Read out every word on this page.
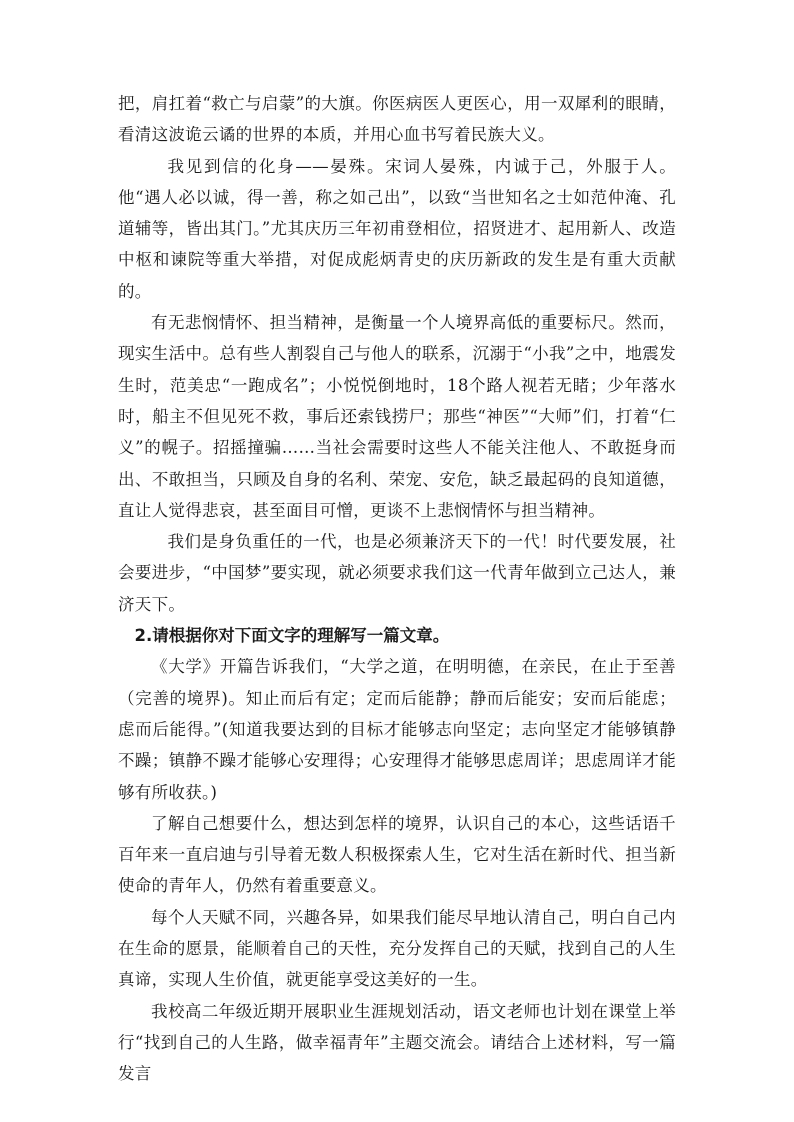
把，肩扛着“救亡与启蒙”的大旗。你医病医人更医心，用一双犀利的眼睛，看清这波诡云谲的世界的本质，并用心血书写着民族大义。

我见到信的化身——晏殊。宋词人晏殊，内诚于己，外服于人。他“遇人必以诚，得一善，称之如己出”，以致“当世知名之士如范仲淹、孔道辅等，皆出其门。”尤其庆历三年初甫登相位，招贤进才、起用新人、改造中枢和谏院等重大举措，对促成彪炳青史的庆历新政的发生是有重大贡献的。

有无悲悯情怀、担当精神，是衡量一个人境界高低的重要标尺。然而，现实生活中。总有些人割裂自己与他人的联系，沉溺于“小我”之中，地震发生时，范美忠“一跑成名”；小悦悦倒地时，18个路人视若无睹；少年落水时，船主不但见死不救，事后还索钱捞尸；那些“神医”“大师”们，打着“仁义”的幌子。招摇撞骗……当社会需要时这些人不能关注他人、不敢挺身而出、不敢担当，只顾及自身的名利、荣宠、安危，缺乏最起码的良知道德，直让人觉得悲哀，甚至面目可憎，更谈不上悲悯情怀与担当精神。

我们是身负重任的一代，也是必须兼济天下的一代！时代要发展，社会要进步，“中国梦”要实现，就必须要求我们这一代青年做到立己达人，兼济天下。

2.请根据你对下面文字的理解写一篇文章。

《大学》开篇告诉我们，“大学之道，在明明德，在亲民，在止于至善（完善的境界)。知止而后有定；定而后能静；静而后能安；安而后能虑；虑而后能得。”(知道我要达到的目标才能够志向坚定；志向坚定才能够镇静不躁；镇静不躁才能够心安理得；心安理得才能够思虑周详；思虑周详才能够有所收获。)

了解自己想要什么，想达到怎样的境界，认识自己的本心，这些话语千百年来一直启迪与引导着无数人积极探索人生，它对生活在新时代、担当新使命的青年人，仍然有着重要意义。

每个人天赋不同，兴趣各异，如果我们能尽早地认清自己，明白自己内在生命的愿景，能顺着自己的天性，充分发挥自己的天赋，找到自己的人生真谛，实现人生价值，就更能享受这美好的一生。

我校高二年级近期开展职业生涯规划活动，语文老师也计划在课堂上举行“找到自己的人生路，做幸福青年”主题交流会。请结合上述材料，写一篇发言
